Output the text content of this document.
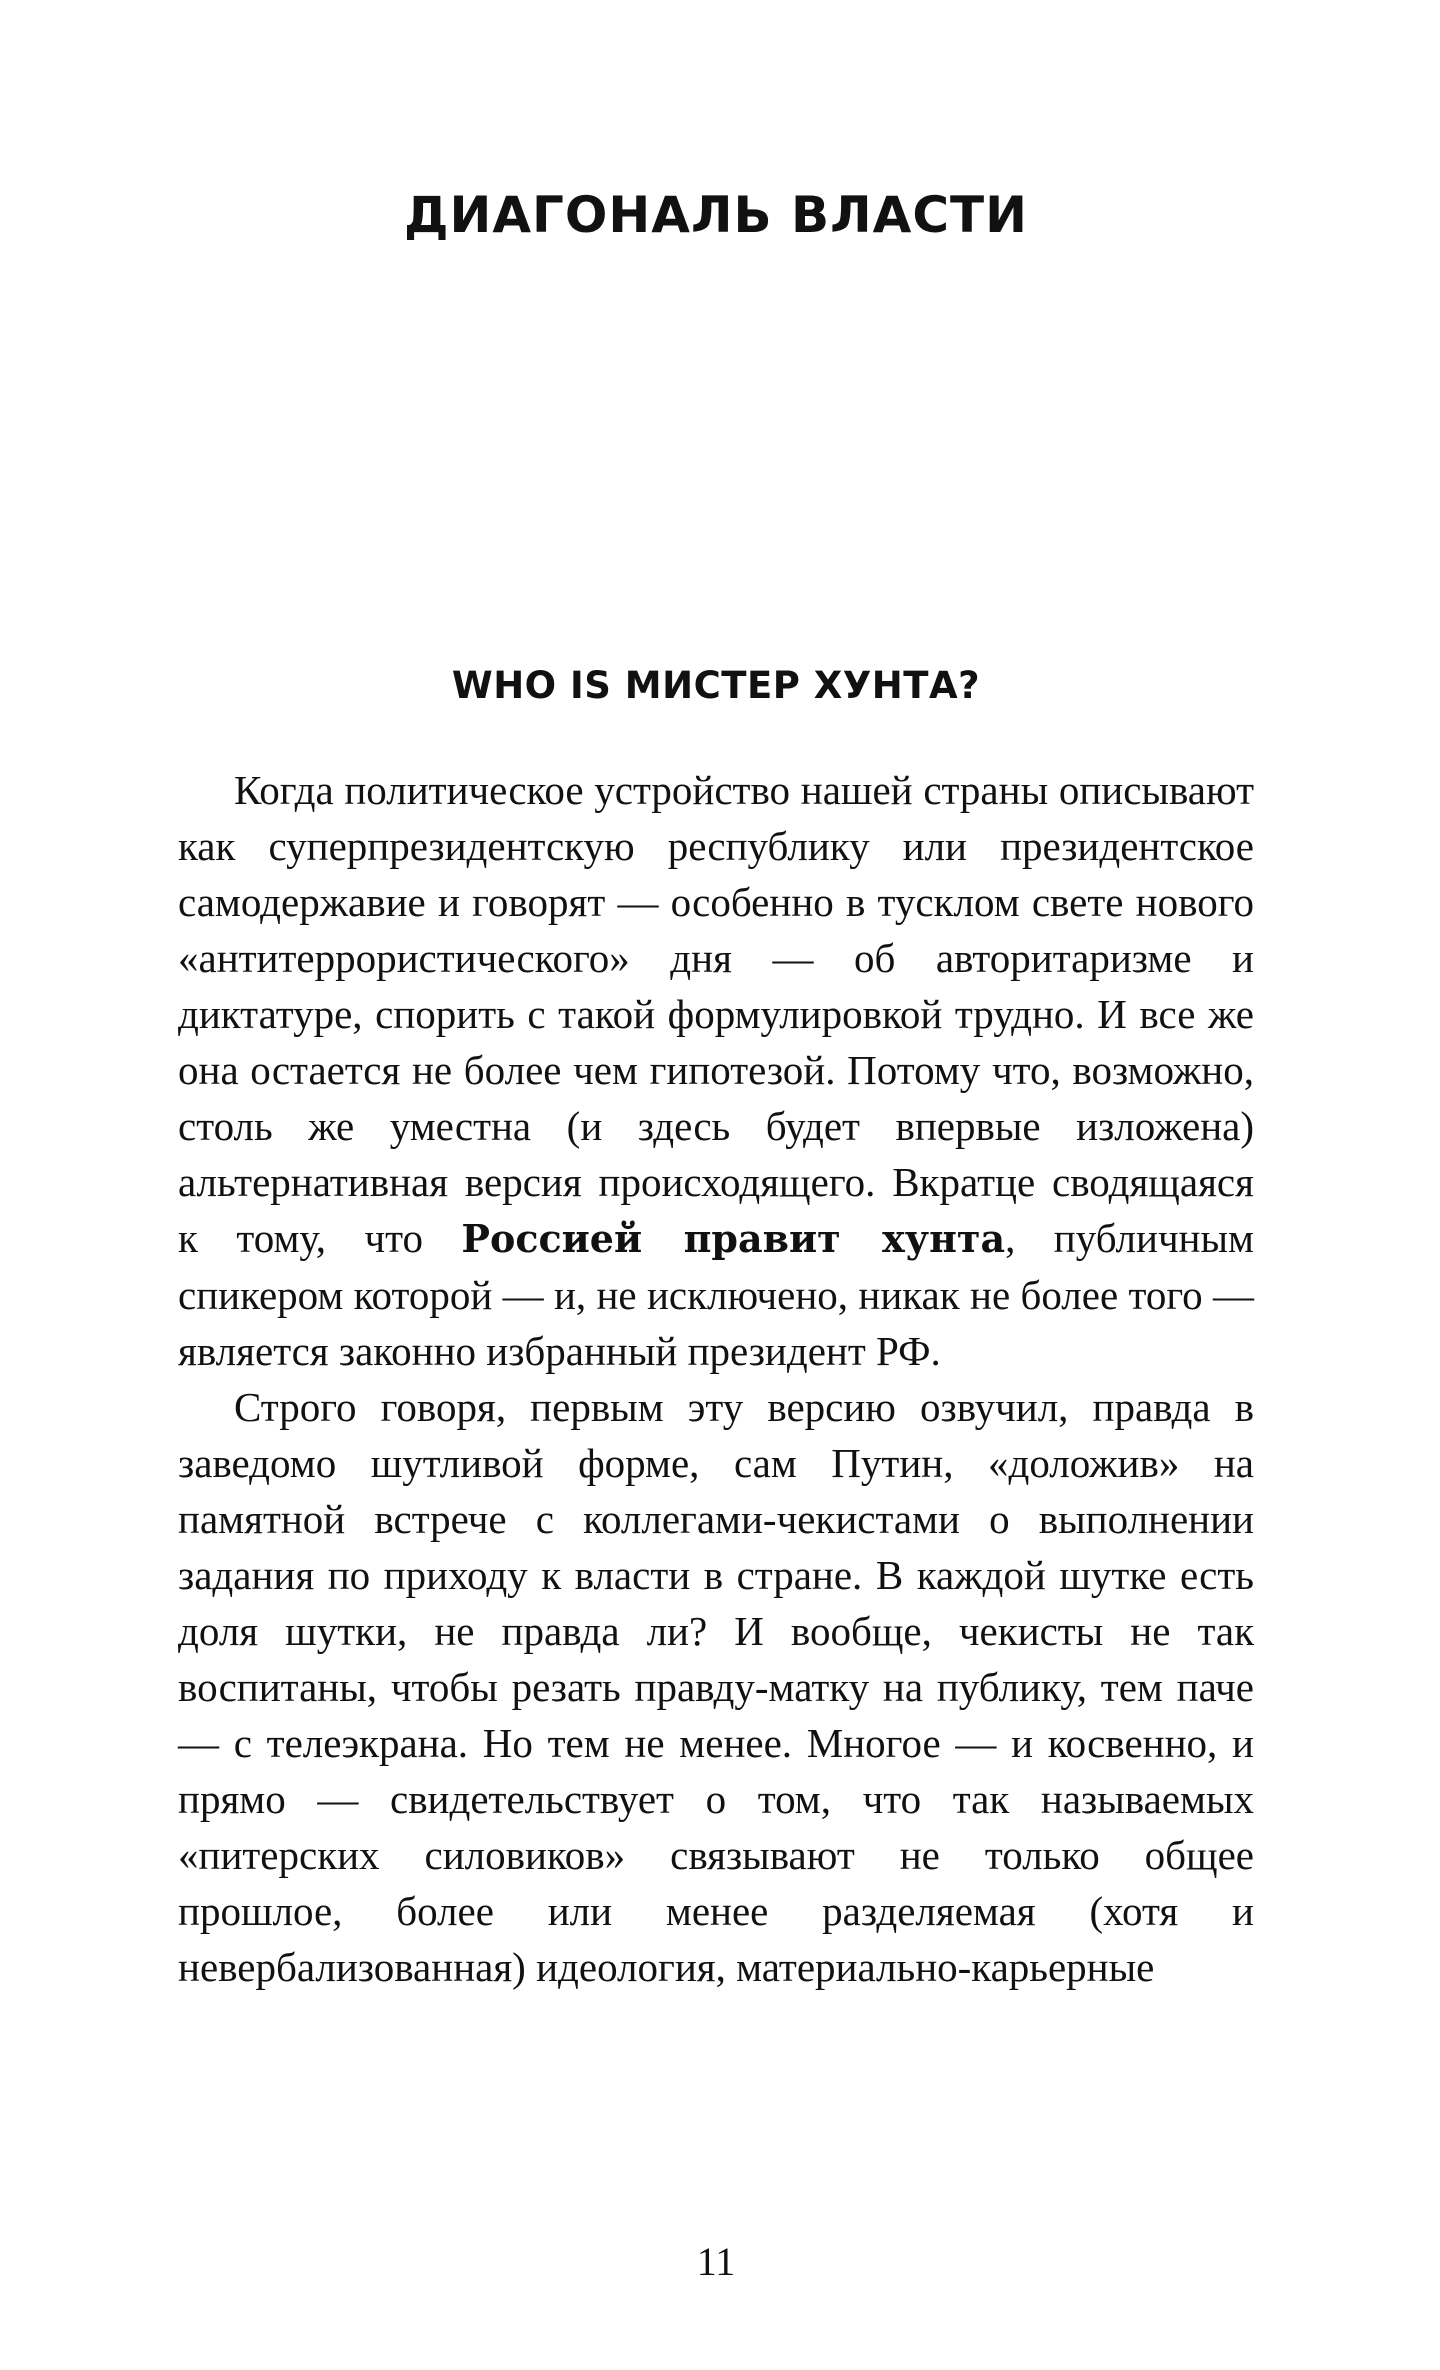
ДИАГОНАЛЬ ВЛАСТИ
WHO IS МИСТЕР ХУНТА?

Когда политическое устройство нашей страны описывают как суперпрезидентскую республику или президентское самодержавие и говорят — особенно в тусклом свете нового «антитеррористического» дня — об авторитаризме и диктатуре, спорить с такой формулировкой трудно. И все же она остается не более чем гипотезой. Потому что, возможно, столь же уместна (и здесь будет впервые изложена) альтернативная версия происходящего. Вкратце сводящаяся к тому, что Россией правит хунта, публичным спикером которой — и, не исключено, никак не более того — является законно избранный президент РФ.

Строго говоря, первым эту версию озвучил, правда в заведомо шутливой форме, сам Путин, «доложив» на памятной встрече с коллегами-чекистами о выполнении задания по приходу к власти в стране. В каждой шутке есть доля шутки, не правда ли? И вообще, чекисты не так воспитаны, чтобы резать правду-матку на публику, тем паче — с телеэкрана. Но тем не менее. Многое — и косвенно, и прямо — свидетельствует о том, что так называемых «питерских силовиков» связывают не только общее прошлое, более или менее разделяемая (хотя и невербализованная) идеология, материально-карьерные

11
